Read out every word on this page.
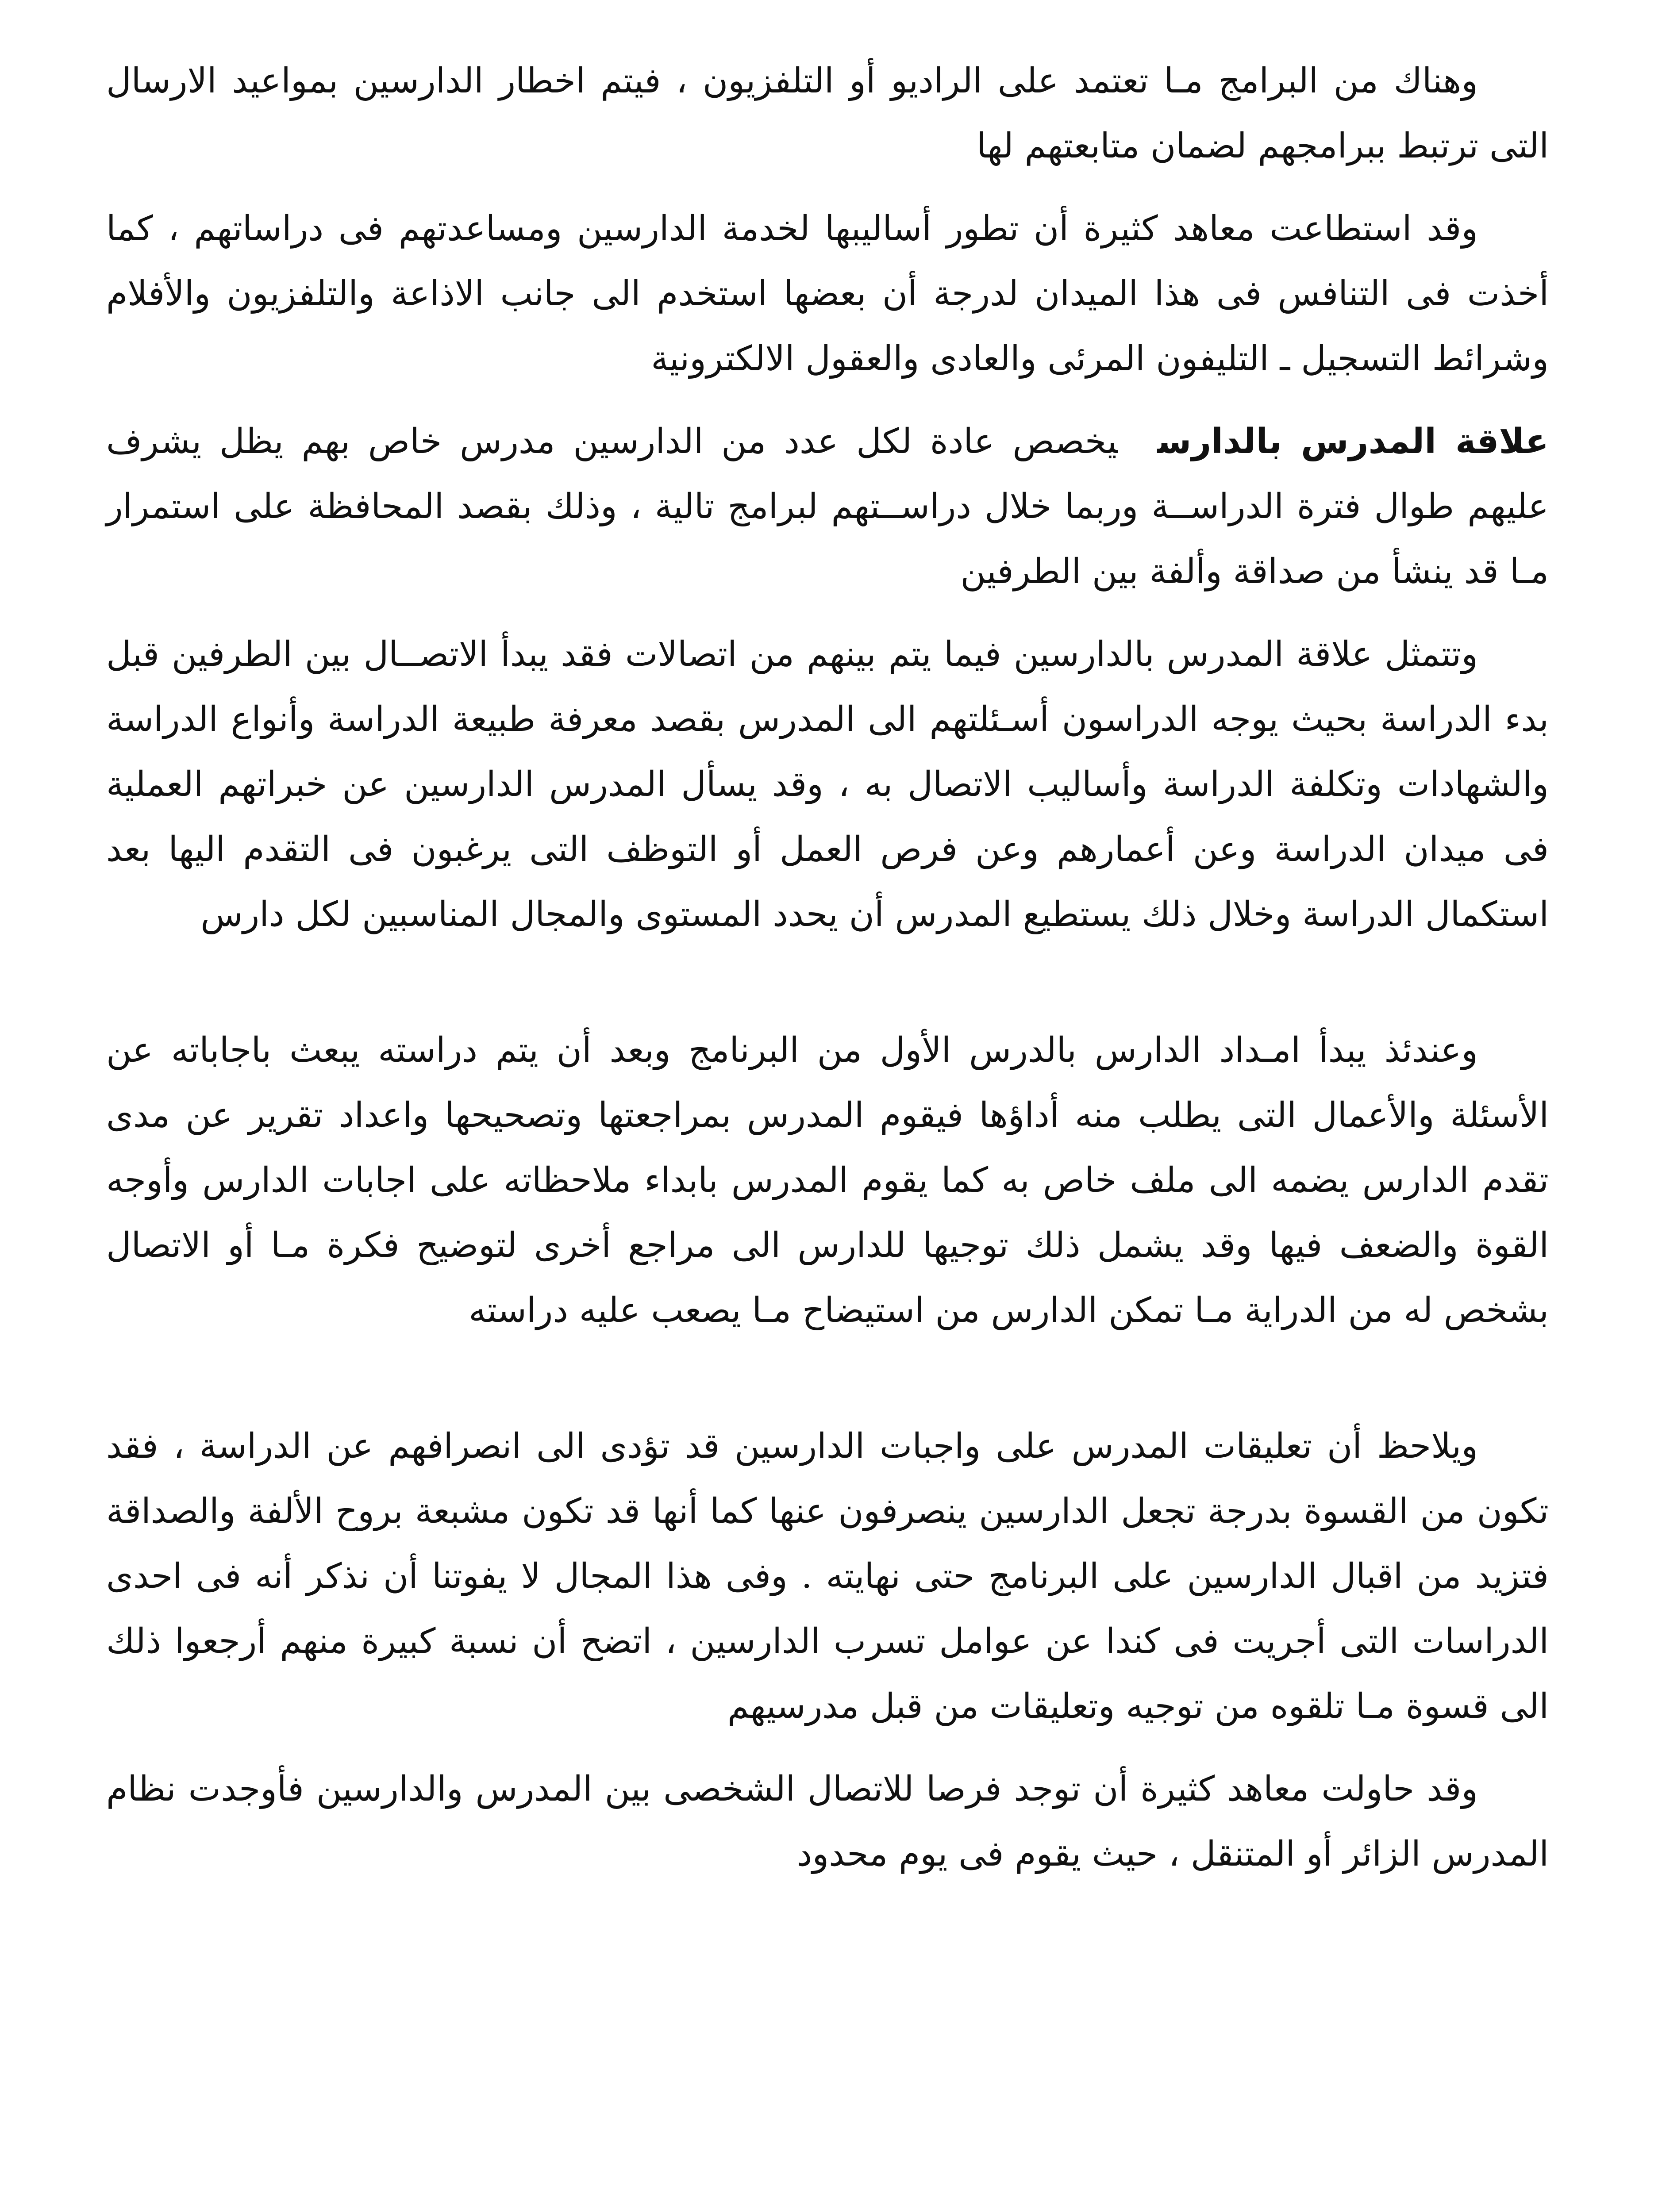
وهناك من البرامج مـا تعتمد على الراديو أو التلفزيون ، فيتم اخطار الدارسين بمواعيد الارسال التى ترتبط ببرامجهم لضمان متابعتهم لها

وقد استطاعت معاهد كثيرة أن تطور أساليبها لخدمة الدارسين ومساعدتهم فى دراساتهم ، كما أخذت فى التنافس فى هذا الميدان لدرجة أن بعضها استخدم الى جانب الاذاعة والتلفزيون والأفلام وشرائط التسجيل ـ التليفون المرئى والعادى والعقول الالكترونية

علاقة المدرس بالدارسيخصص عادة لكل عدد من الدارسين مدرس خاص بهم يظل يشرف عليهم طوال فترة الدراســة وربما خلال دراســتهم لبرامج تالية ، وذلك بقصد المحافظة على استمرار مـا قد ينشأ من صداقة وألفة بين الطرفين

وتتمثل علاقة المدرس بالدارسين فيما يتم بينهم من اتصالات فقد يبدأ الاتصــال بين الطرفين قبل بدء الدراسة بحيث يوجه الدراسون أسـئلتهم الى المدرس بقصد معرفة طبيعة الدراسة وأنواع الدراسة والشهادات وتكلفة الدراسة وأساليب الاتصال به ، وقد يسأل المدرس الدارسين عن خبراتهم العملية فى ميدان الدراسة وعن أعمارهم وعن فرص العمل أو التوظف التى يرغبون فى التقدم اليها بعد استكمال الدراسة وخلال ذلك يستطيع المدرس أن يحدد المستوى والمجال المناسبين لكل دارس

وعندئذ يبدأ امـداد الدارس بالدرس الأول من البرنامج وبعد أن يتم دراسته يبعث باجاباته عن الأسئلة والأعمال التى يطلب منه أداؤها فيقوم المدرس بمراجعتها وتصحيحها واعداد تقرير عن مدى تقدم الدارس يضمه الى ملف خاص به كما يقوم المدرس بابداء ملاحظاته على اجابات الدارس وأوجه القوة والضعف فيها وقد يشمل ذلك توجيها للدارس الى مراجع أخرى لتوضيح فكرة مـا أو الاتصال بشخص له من الدراية مـا تمكن الدارس من استيضاح مـا يصعب عليه دراسته

ويلاحظ أن تعليقات المدرس على واجبات الدارسين قد تؤدى الى انصرافهم عن الدراسة ، فقد تكون من القسوة بدرجة تجعل الدارسين ينصرفون عنها كما أنها قد تكون مشبعة بروح الألفة والصداقة فتزيد من اقبال الدارسين على البرنامج حتى نهايته . وفى هذا المجال لا يفوتنا أن نذكر أنه فى احدى الدراسات التى أجريت فى كندا عن عوامل تسرب الدارسين ، اتضح أن نسبة كبيرة منهم أرجعوا ذلك الى قسوة مـا تلقوه من توجيه وتعليقات من قبل مدرسيهم

وقد حاولت معاهد كثيرة أن توجد فرصا للاتصال الشخصى بين المدرس والدارسين فأوجدت نظام المدرس الزائر أو المتنقل ، حيث يقوم فى يوم محدود
